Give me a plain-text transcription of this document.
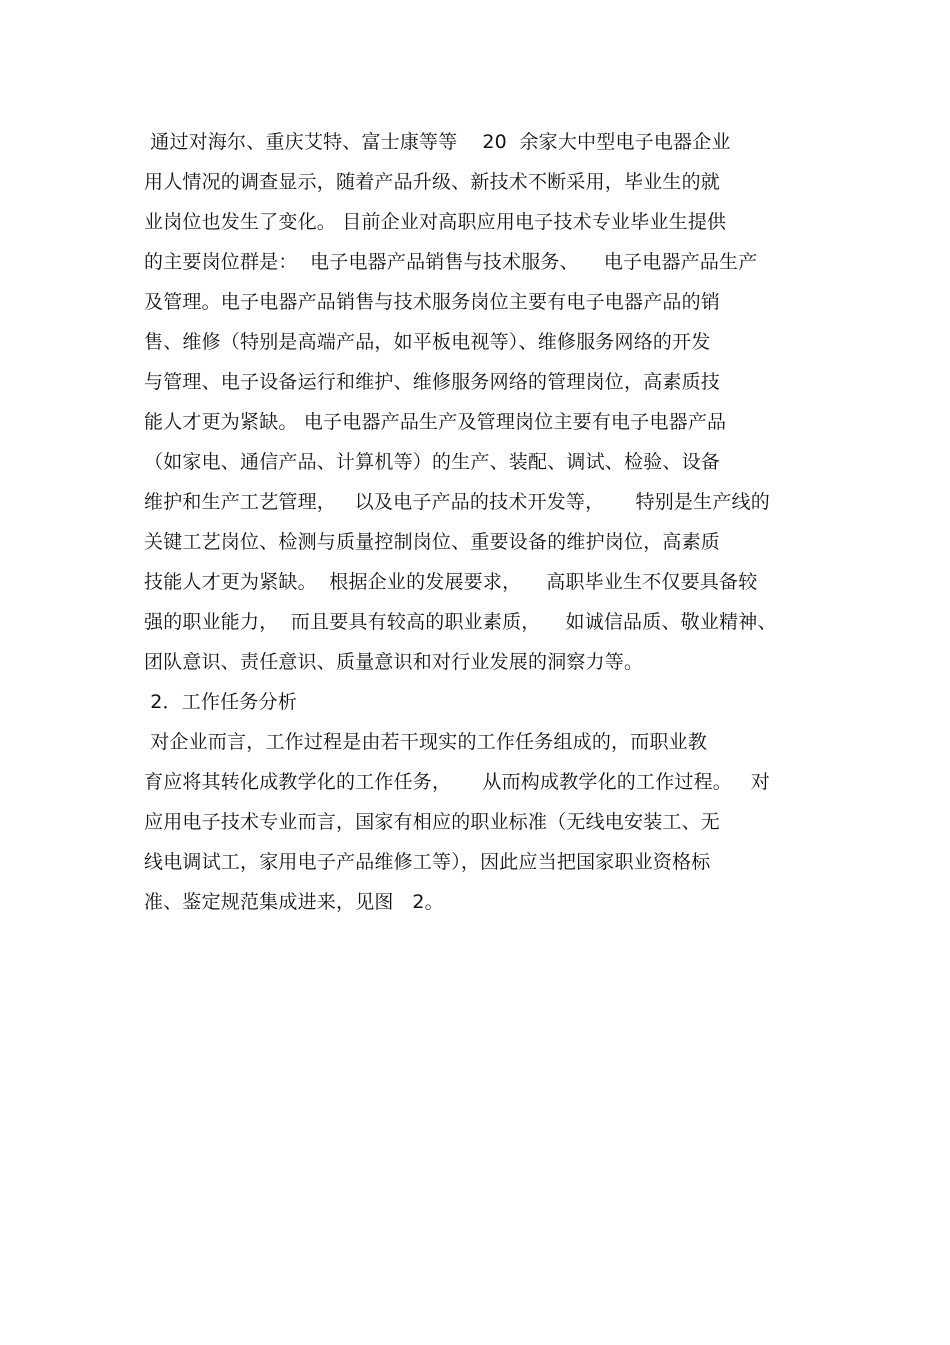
通过对海尔、重庆艾特、富士康等等    20  余家大中型电子电器企业
用人情况的调查显示，随着产品升级、新技术不断采用，毕业生的就
业岗位也发生了变化。 目前企业对高职应用电子技术专业毕业生提供
的主要岗位群是：  电子电器产品销售与技术服务、    电子电器产品生产
及管理。电子电器产品销售与技术服务岗位主要有电子电器产品的销
售、维修（特别是高端产品，如平板电视等）、维修服务网络的开发
与管理、电子设备运行和维护、维修服务网络的管理岗位，高素质技
能人才更为紧缺。 电子电器产品生产及管理岗位主要有电子电器产品
（如家电、通信产品、计算机等）的生产、装配、调试、检验、设备
维护和生产工艺管理，   以及电子产品的技术开发等，     特别是生产线的
关键工艺岗位、检测与质量控制岗位、重要设备的维护岗位，高素质
技能人才更为紧缺。  根据企业的发展要求，    高职毕业生不仅要具备较
强的职业能力，  而且要具有较高的职业素质，    如诚信品质、敬业精神、
团队意识、责任意识、质量意识和对行业发展的洞察力等。
2．工作任务分析
对企业而言，工作过程是由若干现实的工作任务组成的，而职业教
育应将其转化成教学化的工作任务，     从而构成教学化的工作过程。   对
应用电子技术专业而言，国家有相应的职业标准（无线电安装工、无
线电调试工，家用电子产品维修工等），因此应当把国家职业资格标
准、鉴定规范集成进来，见图   2。
